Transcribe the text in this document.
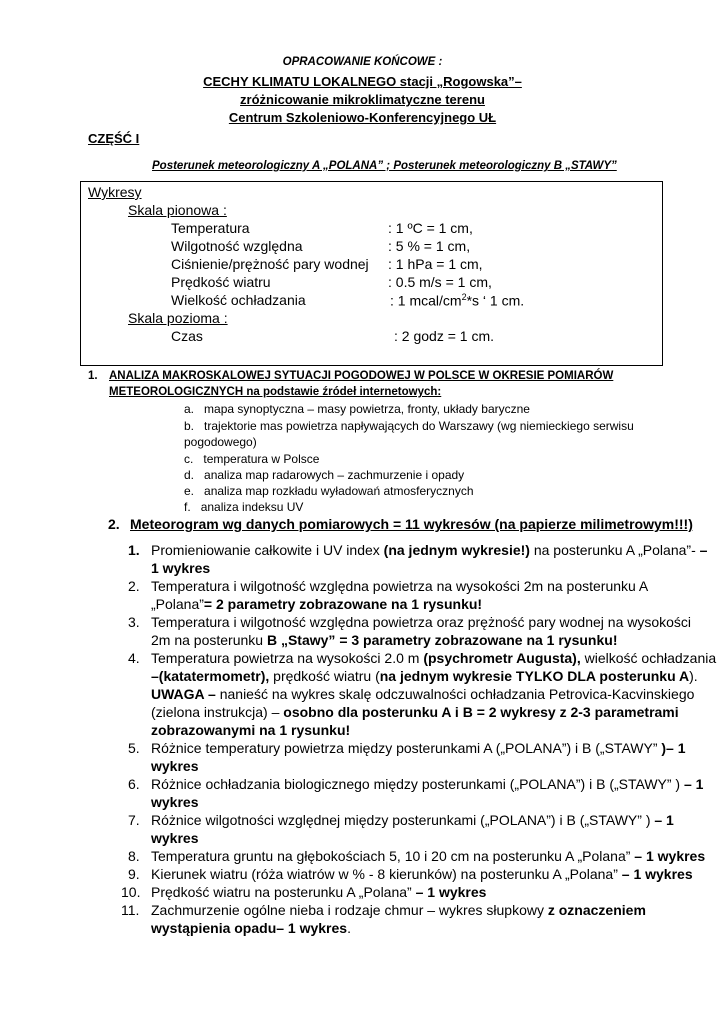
OPRACOWANIE KOŃCOWE :
CECHY KLIMATU LOKALNEGO stacji „Rogowska”–
zróżnicowanie mikroklimatyczne terenu
Centrum Szkoleniowo-Konferencyjnego UŁ
CZĘŚĆ I
Posterunek meteorologiczny A „POLANA” ; Posterunek meteorologiczny B „STAWY”
Wykresy
Skala pionowa :
Temperatura	: 1 ºC = 1 cm,
Wilgotność względna	: 5 % = 1 cm,
Ciśnienie/prężność pary wodnej : 1 hPa = 1 cm,
Prędkość wiatru	: 0.5 m/s = 1 cm,
Wielkość ochładzania	: 1 mcal/$cm^2*s$ ‘ 1 cm.
Skala pozioma :
Czas	: 2 godz = 1 cm.
1. ANALIZA MAKROSKALOWEJ SYTUACJI POGODOWEJ W POLSCE W OKRESIE POMIARÓW
METEOROLOGICZNYCH na podstawie źródeł internetowych:
a. mapa synoptyczna – masy powietrza, fronty, układy baryczne
b. trajektorie mas powietrza napływających do Warszawy (wg niemieckiego serwisu
pogodowego)
c. temperatura w Polsce
d. analiza map radarowych – zachmurzenie i opady
e. analiza map rozkładu wyładowań atmosferycznych
f. analiza indeksu UV
2. Meteorogram wg danych pomiarowych = 11 wykresów (na papierze milimetrowym!!!)
1. Promieniowanie całkowite i UV index (na jednym wykresie!) na posterunku A „Polana”- –
1 wykres
2. Temperatura i wilgotność względna powietrza na wysokości 2m na posterunku A
„Polana”= 2 parametry zobrazowane na 1 rysunku!
3. Temperatura i wilgotność względna powietrza oraz prężność pary wodnej na wysokości
2m na posterunku B „Stawy” = 3 parametry zobrazowane na 1 rysunku!
4. Temperatura powietrza na wysokości 2.0 m (psychrometr Augusta), wielkość ochładzania
–(katatermometr), prędkość wiatru (na jednym wykresie TYLKO DLA posterunku A).
UWAGA – nanieść na wykres skalę odczuwalności ochładzania Petrovica-Kacvinskiego
(zielona instrukcja) – osobno dla posterunku A i B = 2 wykresy z 2-3 parametrami
zobrazowanymi na 1 rysunku!
5. Różnice temperatury powietrza między posterunkami A („POLANA”) i B („STAWY” )– 1
wykres
6. Różnice ochładzania biologicznego między posterunkami („POLANA”) i B („STAWY” ) – 1
wykres
7. Różnice wilgotności względnej między posterunkami („POLANA”) i B („STAWY” ) – 1
wykres
8. Temperatura gruntu na głębokościach 5, 10 i 20 cm na posterunku A „Polana” – 1 wykres
9. Kierunek wiatru (róża wiatrów w % - 8 kierunków) na posterunku A „Polana” – 1 wykres
10. Prędkość wiatru na posterunku A „Polana” – 1 wykres
11. Zachmurzenie ogólne nieba i rodzaje chmur – wykres słupkowy z oznaczeniem
wystąpienia opadu– 1 wykres.
